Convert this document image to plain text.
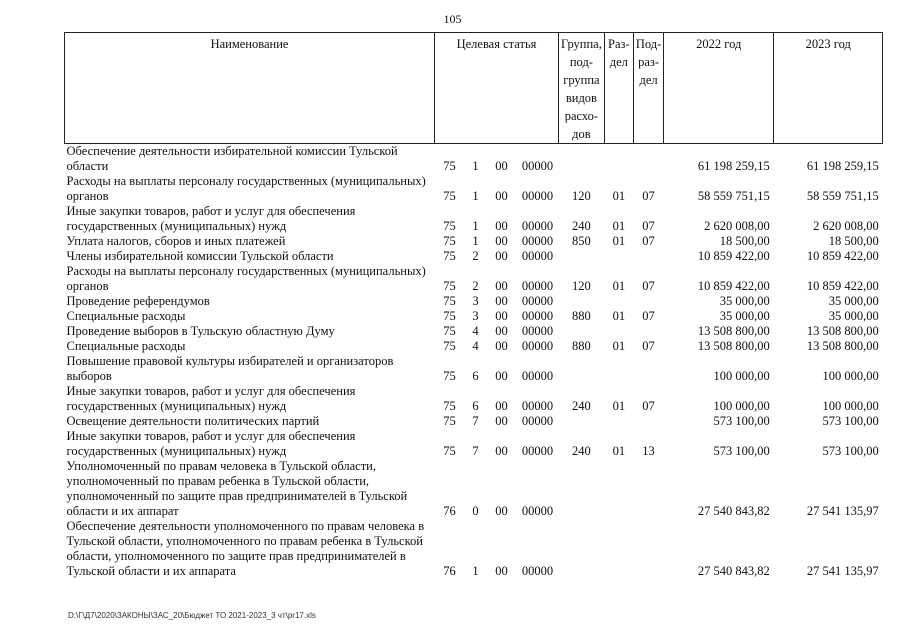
105
Наименование	Целевая статья				Группа, под- группа видов расхо- дов	Раз- дел	Под- раз- дел	2022 год	2023 год
Обеспечение деятельности избирательной комиссии Тульской области	75	1	00	00000				61 198 259,15	61 198 259,15
Расходы на выплаты персоналу государственных (муниципальных) органов	75	1	00	00000	120	01	07	58 559 751,15	58 559 751,15
Иные закупки товаров, работ и услуг для обеспечения государственных (муниципальных) нужд	75	1	00	00000	240	01	07	2 620 008,00	2 620 008,00
Уплата налогов, сборов и иных платежей	75	1	00	00000	850	01	07	18 500,00	18 500,00
Члены избирательной комиссии Тульской области	75	2	00	00000				10 859 422,00	10 859 422,00
Расходы на выплаты персоналу государственных (муниципальных) органов	75	2	00	00000	120	01	07	10 859 422,00	10 859 422,00
Проведение референдумов	75	3	00	00000				35 000,00	35 000,00
Специальные расходы	75	3	00	00000	880	01	07	35 000,00	35 000,00
Проведение выборов в Тульскую областную Думу	75	4	00	00000				13 508 800,00	13 508 800,00
Специальные расходы	75	4	00	00000	880	01	07	13 508 800,00	13 508 800,00
Повышение правовой культуры избирателей и организаторов выборов	75	6	00	00000				100 000,00	100 000,00
Иные закупки товаров, работ и услуг для обеспечения государственных (муниципальных) нужд	75	6	00	00000	240	01	07	100 000,00	100 000,00
Освещение деятельности политических партий	75	7	00	00000				573 100,00	573 100,00
Иные закупки товаров, работ и услуг для обеспечения государственных (муниципальных) нужд	75	7	00	00000	240	01	13	573 100,00	573 100,00
Уполномоченный по правам человека в Тульской области, уполномоченный по правам ребенка в Тульской области, уполномоченный по защите прав предпринимателей в Тульской области и их аппарат	76	0	00	00000				27 540 843,82	27 541 135,97
Обеспечение деятельности уполномоченного по правам человека в Тульской области, уполномоченного по правам ребенка в Тульской области, уполномоченного по защите прав предпринимателей в Тульской области и их аппарата	76	1	00	00000				27 540 843,82	27 541 135,97
D:\Г\Д7\2020\ЗАКОНЫ\ЗАС_20\Бюджет ТО 2021-2023_3 чт\pr17.xls
